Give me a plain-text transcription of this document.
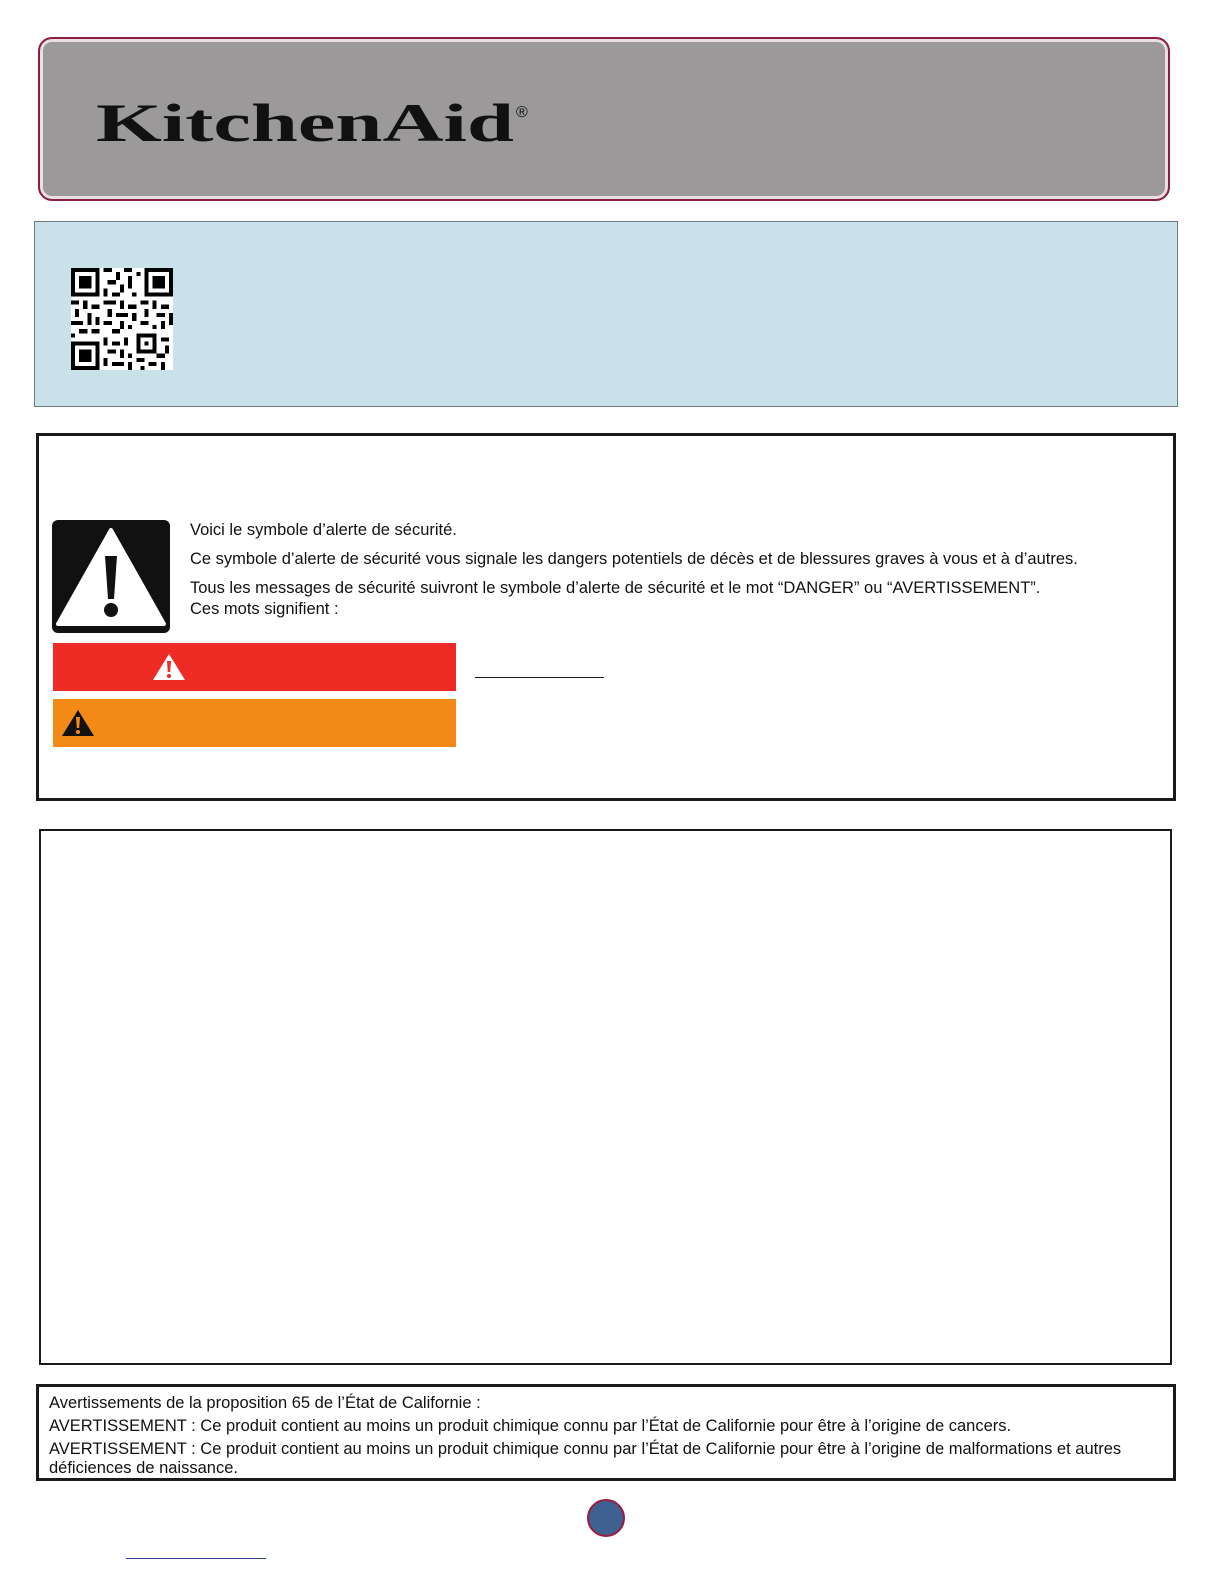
KitchenAid ®

Voici le symbole d’alerte de sécurité.

Ce symbole d’alerte de sécurité vous signale les dangers potentiels de décès et de blessures graves à vous et à d’autres.

Tous les messages de sécurité suivront le symbole d’alerte de sécurité et le mot “DANGER” ou “AVERTISSEMENT”.

Ces mots signifient :

Avertissements de la proposition 65 de l’État de Californie :

AVERTISSEMENT : Ce produit contient au moins un produit chimique connu par l’État de Californie pour être à l’origine de cancers.

AVERTISSEMENT : Ce produit contient au moins un produit chimique connu par l’État de Californie pour être à l’origine de malformations et autres déficiences de naissance.
